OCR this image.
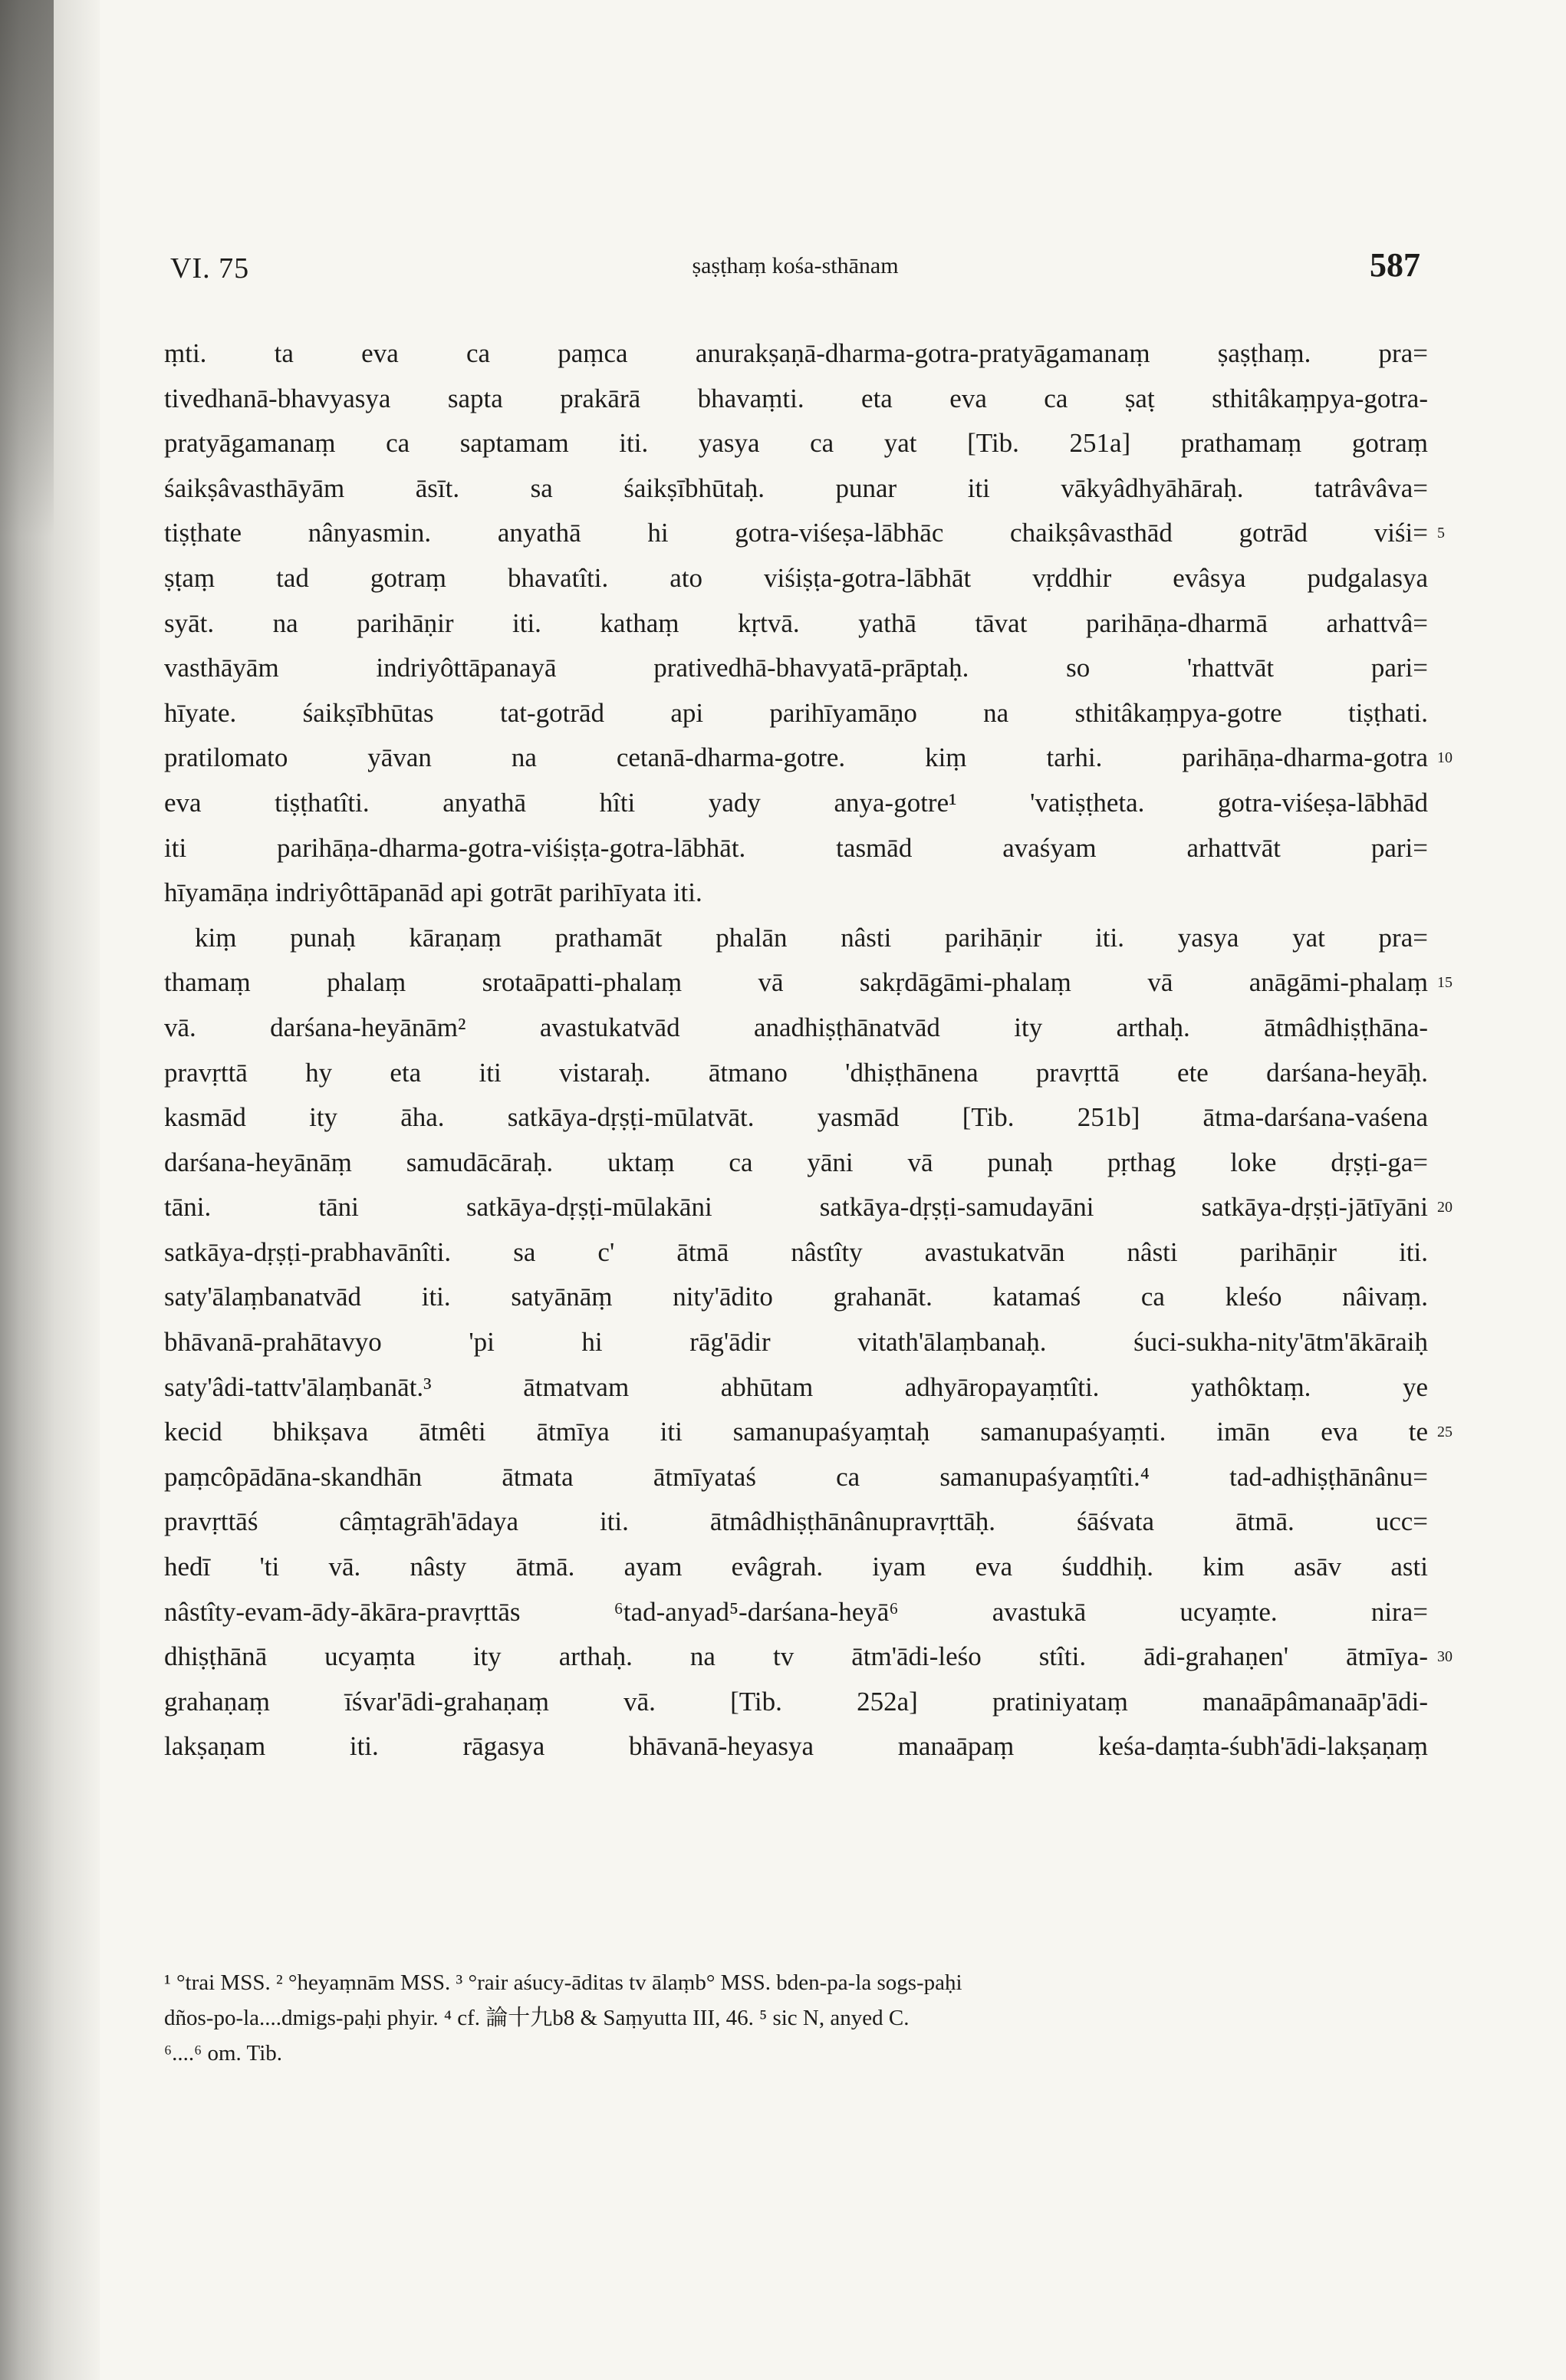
VI. 75	ṣaṣṭhaṃ kośa-sthānam	587
ṃti. ta eva ca paṃca anurakṣaṇā-dharma-gotra-pratyāgamanaṃ ṣaṣṭhaṃ. pra=
tivedhanā-bhavyasya sapta prakārā bhavaṃti. eta eva ca ṣaṭ sthitâkaṃpya-gotra-
pratyāgamanaṃ ca saptamam iti. yasya ca yat [Tib. 251a] prathamaṃ gotraṃ
śaikṣâvasthāyām āsīt. sa śaikṣībhūtaḥ. punar iti vākyâdhyāhāraḥ. tatrâvâva=
tiṣṭhate nânyasmin. anyathā hi gotra-viśeṣa-lābhāc chaikṣâvasthād gotrād viśi= 5
ṣṭaṃ tad gotraṃ bhavatîti. ato viśiṣṭa-gotra-lābhāt vṛddhir evâsya pudgalasya
syāt. na parihāṇir iti. kathaṃ kṛtvā. yathā tāvat parihāṇa-dharmā arhattvâ=
vasthāyām indriyôttāpanayā prativedhā-bhavyatā-prāptaḥ. so 'rhattvāt pari=
hīyate. śaikṣībhūtas tat-gotrād api parihīyamāṇo na sthitâkaṃpya-gotre tiṣṭhati.
pratilomato yāvan na cetanā-dharma-gotre. kiṃ tarhi. parihāṇa-dharma-gotra 10
eva tiṣṭhatîti. anyathā hîti yady anya-gotre¹ 'vatiṣṭheta. gotra-viśeṣa-lābhād
iti parihāṇa-dharma-gotra-viśiṣṭa-gotra-lābhāt. tasmād avaśyam arhattvāt pari=
hīyamāṇa indriyôttāpanād api gotrāt parihīyata iti.
kiṃ punaḥ kāraṇaṃ prathamāt phalān nâsti parihāṇir iti. yasya yat pra=
thamaṃ phalaṃ srotaāpatti-phalaṃ vā sakṛdāgāmi-phalaṃ vā anāgāmi-phalaṃ 15
vā. darśana-heyānām² avastukatvād anadhiṣṭhānatvād ity arthaḥ. ātmâdhiṣṭhāna-
pravṛttā hy eta iti vistaraḥ. ātmano 'dhiṣṭhānena pravṛttā ete darśana-heyāḥ.
kasmād ity āha. satkāya-dṛṣṭi-mūlatvāt. yasmād [Tib. 251b] ātma-darśana-vaśena
darśana-heyānāṃ samudācāraḥ. uktaṃ ca yāni vā punaḥ pṛthag loke dṛṣṭi-ga=
tāni. tāni satkāya-dṛṣṭi-mūlakāni satkāya-dṛṣṭi-samudayāni satkāya-dṛṣṭi-jātīyāni 20
satkāya-dṛṣṭi-prabhavānîti. sa c' ātmā nâstîty avastukatvān nâsti parihāṇir iti.
saty'ālaṃbanatvād iti. satyānāṃ nity'ādito grahanāt. katamaś ca kleśo nâivaṃ.
bhāvanā-prahātavyo 'pi hi rāg'ādir vitath'ālaṃbanaḥ. śuci-sukha-nity'ātm'ākāraiḥ
saty'âdi-tattv'ālaṃbanāt.³ ātmatvam abhūtam adhyāropayaṃtîti. yathôktaṃ. ye
kecid bhikṣava ātmêti ātmīya iti samanupaśyaṃtaḥ samanupaśyaṃti. imān eva te 25
paṃcôpādāna-skandhān ātmata ātmīyataś ca samanupaśyaṃtîti.⁴ tad-adhiṣṭhānânu=
pravṛttāś câṃtagrāh'ādaya iti. ātmâdhiṣṭhānânupravṛttāḥ. śāśvata ātmā. ucc=
hedī 'ti vā. nâsty ātmā. ayam evâgrah. iyam eva śuddhiḥ. kim asāv asti
nâstîty-evam-ādy-ākāra-pravṛttās ⁶tad-anyad⁵-darśana-heyā⁶ avastukā ucyaṃte. nira=
dhiṣṭhānā ucyaṃta ity arthaḥ. na tv ātm'ādi-leśo stîti. ādi-grahaṇen' ātmīya- 30
grahaṇaṃ īśvar'ādi-grahaṇaṃ vā. [Tib. 252a] pratiniyataṃ manaāpâmanaāp'ādi-
lakṣaṇam iti. rāgasya bhāvanā-heyasya manaāpaṃ keśa-daṃta-śubh'ādi-lakṣaṇaṃ
¹ °trai MSS. ² °heyaṃnām MSS. ³ °rair aśucy-āditas tv ālaṃb° MSS. bden-pa-la sogs-paḥi
dños-po-la....dmigs-paḥi phyir. ⁴ cf. 論十九b8 & Saṃyutta III, 46. ⁵ sic N, anyed C.
⁶....⁶ om. Tib.
